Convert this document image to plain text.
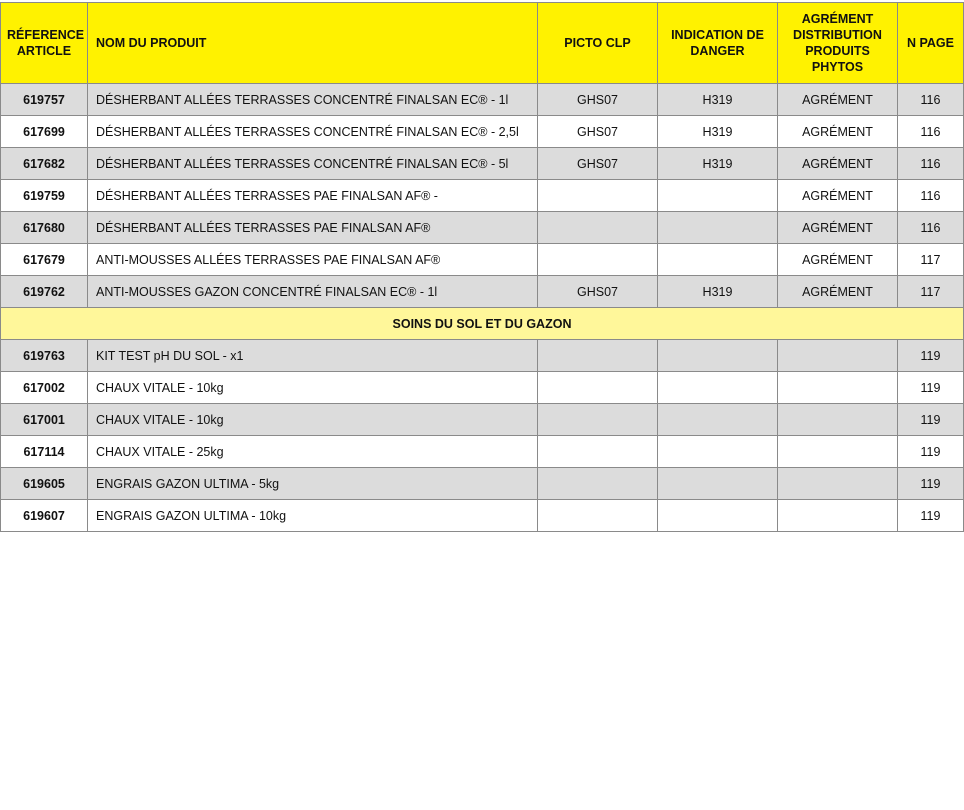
RÉFERENCE ARTICLE	NOM DU PRODUIT	PICTO CLP	INDICATION DE DANGER	AGRÉMENT DISTRIBUTION PRODUITS PHYTOS	N PAGE
619757	DÉSHERBANT ALLÉES TERRASSES CONCENTRÉ FINALSAN EC® - 1l	GHS07	H319	AGRÉMENT	116
617699	DÉSHERBANT ALLÉES TERRASSES CONCENTRÉ FINALSAN EC® - 2,5l	GHS07	H319	AGRÉMENT	116
617682	DÉSHERBANT ALLÉES TERRASSES CONCENTRÉ FINALSAN EC® - 5l	GHS07	H319	AGRÉMENT	116
619759	DÉSHERBANT ALLÉES TERRASSES PAE FINALSAN AF® -			AGRÉMENT	116
617680	DÉSHERBANT ALLÉES TERRASSES PAE FINALSAN AF®			AGRÉMENT	116
617679	ANTI-MOUSSES ALLÉES TERRASSES PAE FINALSAN AF®			AGRÉMENT	117
619762	ANTI-MOUSSES GAZON CONCENTRÉ FINALSAN EC® - 1l	GHS07	H319	AGRÉMENT	117
SOINS DU SOL ET DU GAZON					
619763	KIT TEST pH DU SOL - x1				119
617002	CHAUX VITALE - 10kg				119
617001	CHAUX VITALE - 10kg				119
617114	CHAUX VITALE - 25kg				119
619605	ENGRAIS GAZON ULTIMA - 5kg				119
619607	ENGRAIS GAZON ULTIMA - 10kg				119
